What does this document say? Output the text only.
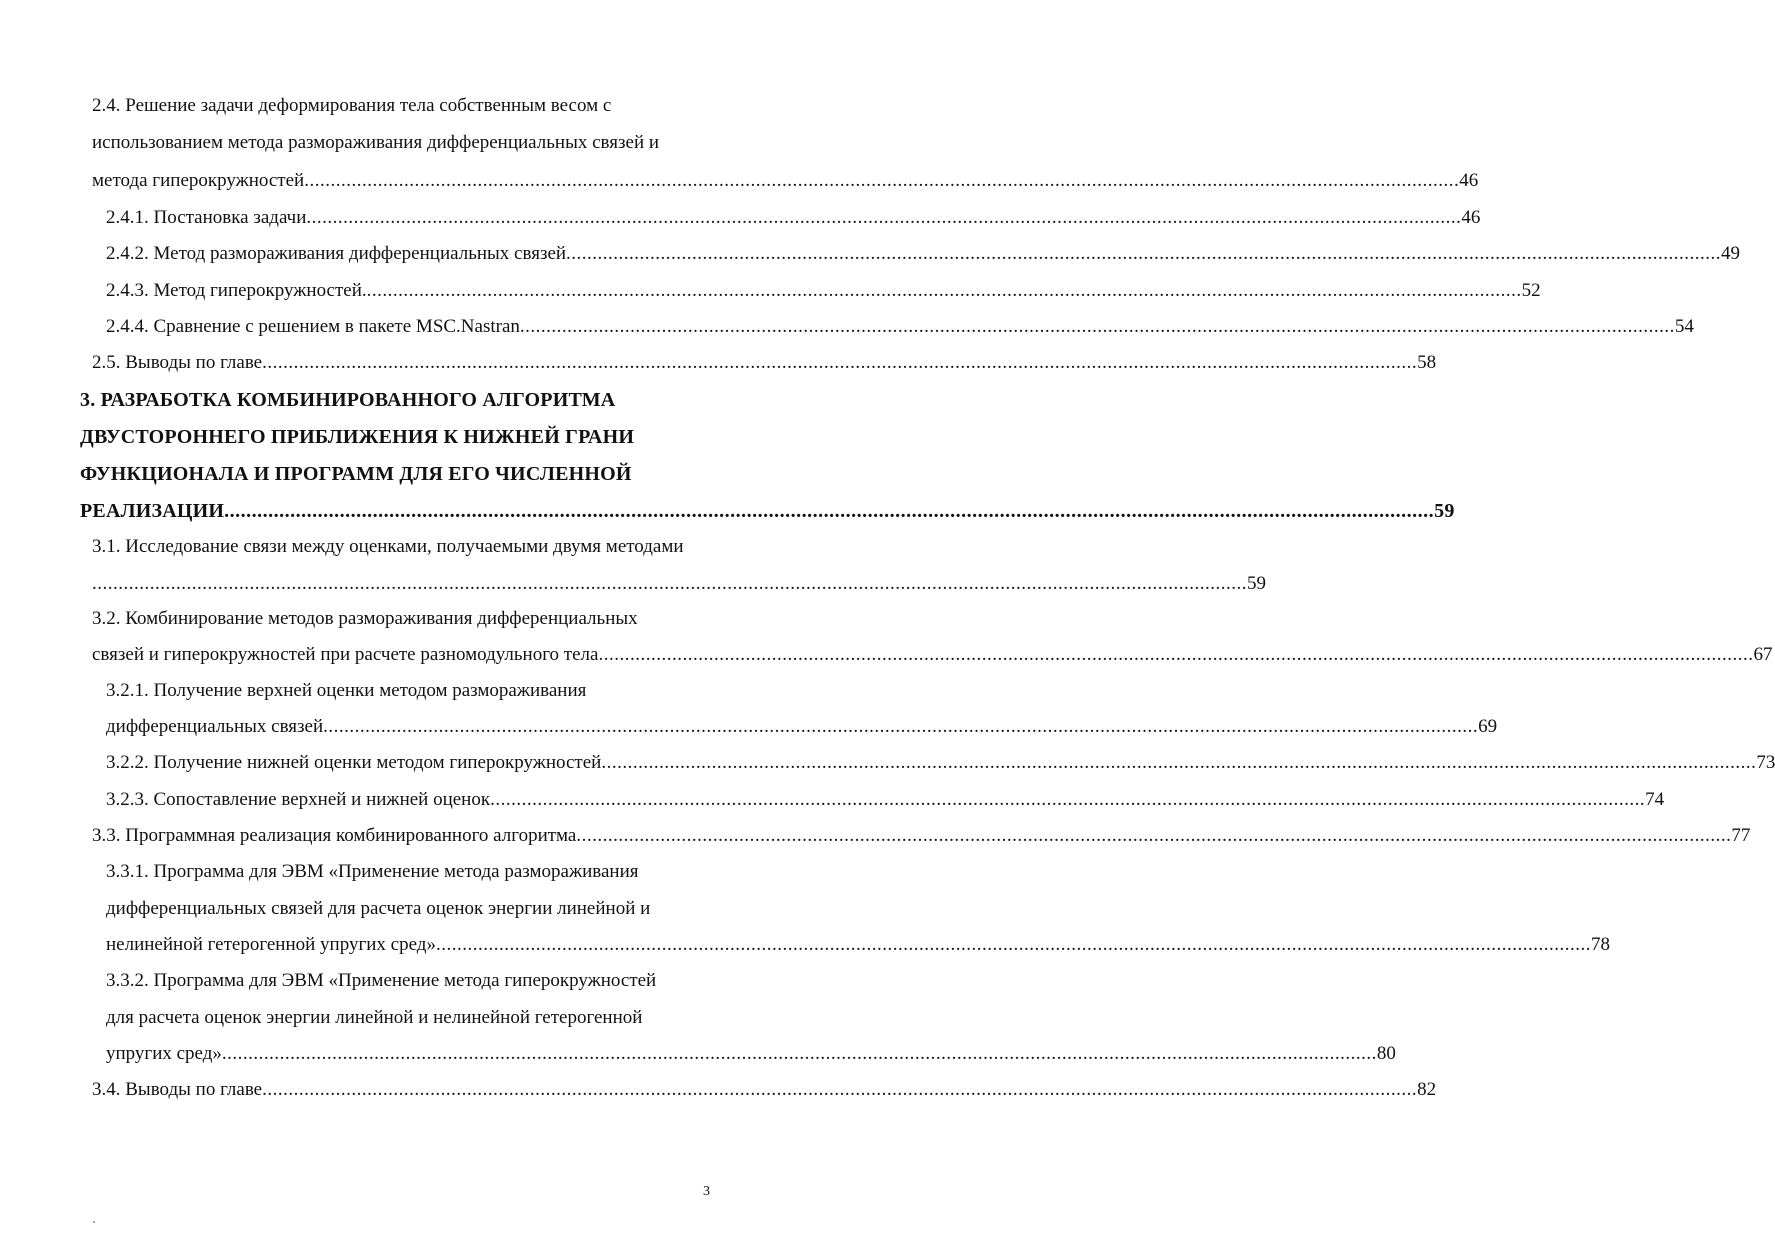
2.4. Решение задачи деформирования тела собственным весом с
использованием метода размораживания дифференциальных связей и
метода гиперокружностей ............................................................................................................................................................................................................................ 46
2.4.1. Постановка задачи ............................................................................................................................................................................................................................ 46
2.4.2. Метод размораживания дифференциальных связей ............................................................................................................................................................................................................................ 49
2.4.3. Метод гиперокружностей. ............................................................................................................................................................................................................................ 52
2.4.4. Сравнение с решением в пакете MSC.Nastran ............................................................................................................................................................................................................................ 54
2.5. Выводы по главе ............................................................................................................................................................................................................................ 58
3. РАЗРАБОТКА КОМБИНИРОВАННОГО АЛГОРИТМА
ДВУСТОРОННЕГО ПРИБЛИЖЕНИЯ К НИЖНЕЙ ГРАНИ
ФУНКЦИОНАЛА И ПРОГРАММ ДЛЯ ЕГО ЧИСЛЕННОЙ
РЕАЛИЗАЦИИ ............................................................................................................................................................................................................................ 59
3.1. Исследование связи между оценками, получаемыми двумя методами
............................................................................................................................................................................................................................ 59
3.2. Комбинирование методов размораживания дифференциальных
связей и гиперокружностей при расчете разномодульного тела ............................................................................................................................................................................................................................ 67
3.2.1. Получение верхней оценки методом размораживания
дифференциальных связей ............................................................................................................................................................................................................................ 69
3.2.2. Получение нижней оценки методом гиперокружностей ............................................................................................................................................................................................................................ 73
3.2.3. Сопоставление верхней и нижней оценок ............................................................................................................................................................................................................................ 74
3.3. Программная реализация комбинированного алгоритма ............................................................................................................................................................................................................................ 77
3.3.1. Программа для ЭВМ «Применение метода размораживания
дифференциальных связей для расчета оценок энергии линейной и
нелинейной гетерогенной упругих сред» ............................................................................................................................................................................................................................ 78
3.3.2. Программа для ЭВМ «Применение метода гиперокружностей
для расчета оценок энергии линейной и нелинейной гетерогенной
упругих сред» ............................................................................................................................................................................................................................ 80
3.4. Выводы по главе ............................................................................................................................................................................................................................ 82
3
